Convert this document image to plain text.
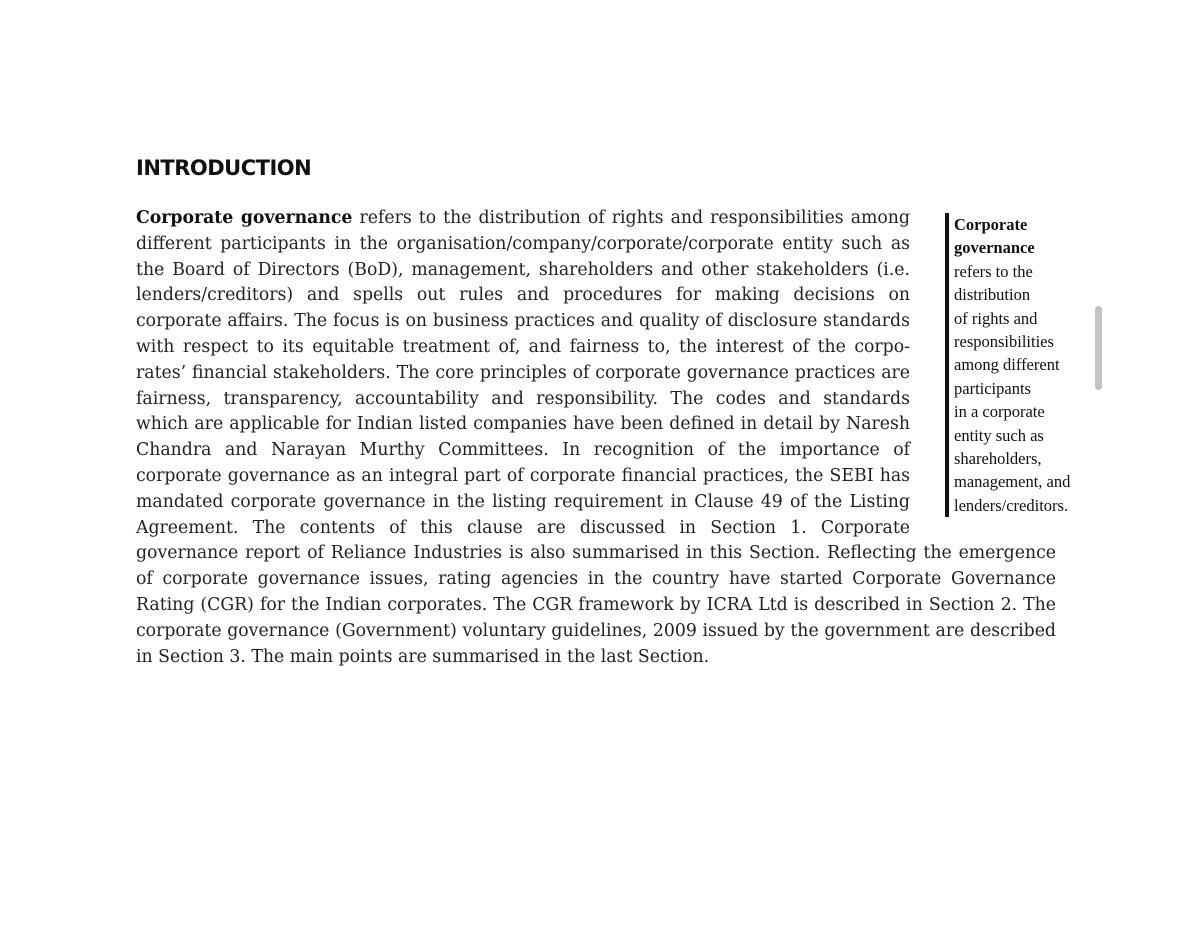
INTRODUCTION

Corporate governance refers to the distribution of rights and responsibilities among different participants in the organisation/company/corporate/corporate entity such as the Board of Directors (BoD), management, shareholders and other stakeholders (i.e. lenders/creditors) and spells out rules and procedures for making decisions on corporate affairs. The focus is on business practices and quality of disclosure standards with respect to its equitable treatment of, and fairness to, the interest of the corporates’ financial stakeholders. The core principles of corporate governance practices are fairness, transparency, accountability and responsibility. The codes and standards which are applicable for Indian listed companies have been defined in detail by Naresh Chandra and Narayan Murthy Committees. In recognition of the importance of corporate governance as an integral part of corporate financial practices, the SEBI has mandated corporate governance in the listing requirement in Clause 49 of the Listing Agreement. The contents of this clause are discussed in Section 1. Corporate governance report of Reliance Industries is also summarised in this Section. Reflecting the emergence of corporate governance issues, rating agencies in the country have started Corporate Governance Rating (CGR) for the Indian corporates. The CGR framework by ICRA Ltd is described in Section 2. The corporate governance (Government) voluntary guidelines, 2009 issued by the government are described in Section 3. The main points are summarised in the last Section.

Corporate
governance
refers to the
distribution
of rights and
responsibilities
among different
participants
in a corporate
entity such as
shareholders,
management, and
lenders/creditors.
